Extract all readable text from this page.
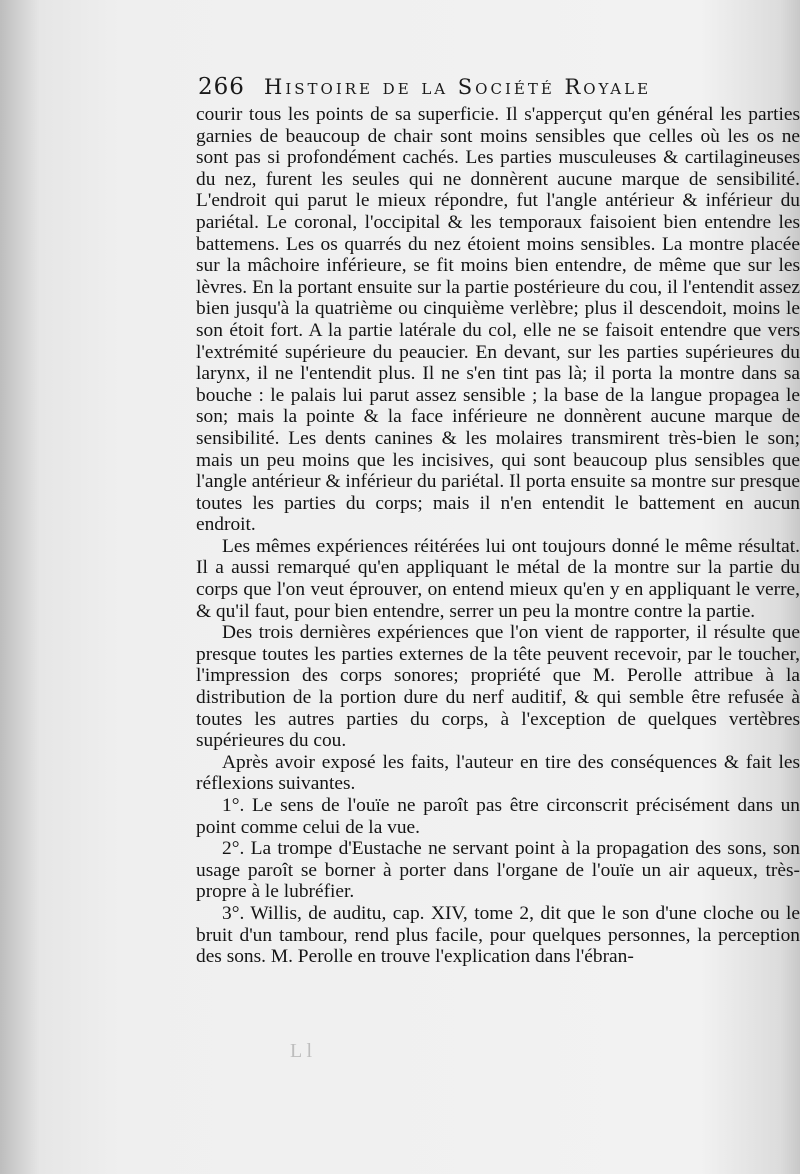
266 Histoire de la Société Royale

courir tous les points de sa superficie. Il s'apperçut qu'en général les parties garnies de beaucoup de chair sont moins sensibles que celles où les os ne sont pas si profondément cachés. Les parties musculeuses & cartilagineuses du nez, furent les seules qui ne donnèrent aucune marque de sensibilité. L'endroit qui parut le mieux répondre, fut l'angle antérieur & inférieur du pariétal. Le coronal, l'occipital & les temporaux faisoient bien entendre les battemens. Les os quarrés du nez étoient moins sensibles. La montre placée sur la mâchoire inférieure, se fit moins bien entendre, de même que sur les lèvres. En la portant ensuite sur la partie postérieure du cou, il l'entendit assez bien jusqu'à la quatrième ou cinquième verlèbre; plus il descendoit, moins le son étoit fort. A la partie latérale du col, elle ne se faisoit entendre que vers l'extrémité supérieure du peaucier. En devant, sur les parties supérieures du larynx, il ne l'entendit plus. Il ne s'en tint pas là; il porta la montre dans sa bouche : le palais lui parut assez sensible ; la base de la langue propagea le son; mais la pointe & la face inférieure ne donnèrent aucune marque de sensibilité. Les dents canines & les molaires transmirent très-bien le son; mais un peu moins que les incisives, qui sont beaucoup plus sensibles que l'angle antérieur & inférieur du pariétal. Il porta ensuite sa montre sur presque toutes les parties du corps; mais il n'en entendit le battement en aucun endroit.

Les mêmes expériences réitérées lui ont toujours donné le même résultat. Il a aussi remarqué qu'en appliquant le métal de la montre sur la partie du corps que l'on veut éprouver, on entend mieux qu'en y en appliquant le verre, & qu'il faut, pour bien entendre, serrer un peu la montre contre la partie.

Des trois dernières expériences que l'on vient de rapporter, il résulte que presque toutes les parties externes de la tête peuvent recevoir, par le toucher, l'impression des corps sonores; propriété que M. Perolle attribue à la distribution de la portion dure du nerf auditif, & qui semble être refusée à toutes les autres parties du corps, à l'exception de quelques vertèbres supérieures du cou.

Après avoir exposé les faits, l'auteur en tire des conséquences & fait les réflexions suivantes.

1°. Le sens de l'ouïe ne paroît pas être circonscrit précisément dans un point comme celui de la vue.

2°. La trompe d'Eustache ne servant point à la propagation des sons, son usage paroît se borner à porter dans l'organe de l'ouïe un air aqueux, très-propre à le lubréfier.

3°. Willis, de auditu, cap. XIV, tome 2, dit que le son d'une cloche ou le bruit d'un tambour, rend plus facile, pour quelques personnes, la perception des sons. M. Perolle en trouve l'explication dans l'ébran-

L l
